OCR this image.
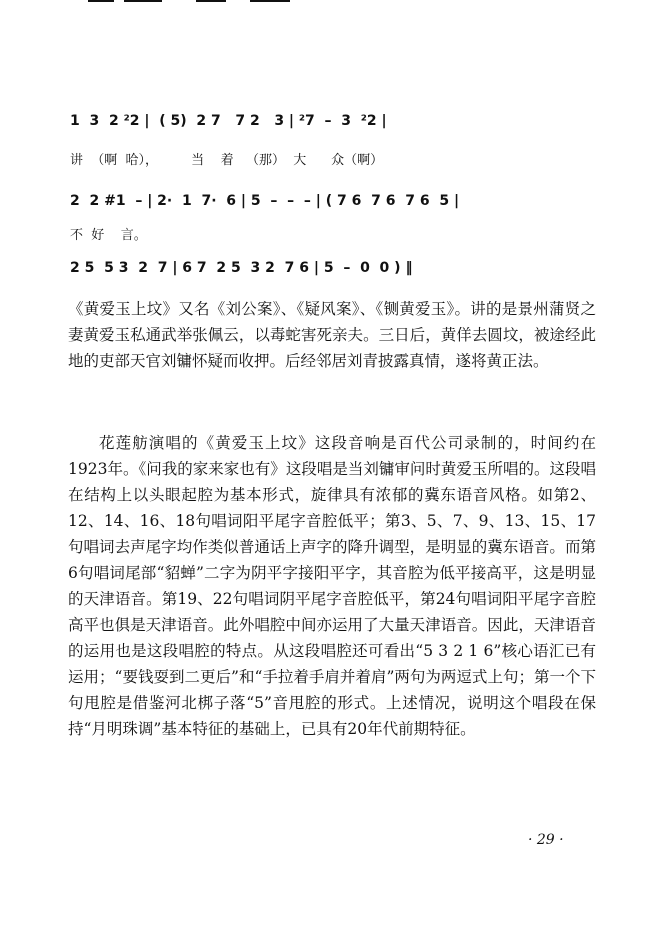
1  3  2 ²2 |  ( 5)  2 7   7 2   3 | ²7  –  3  ²2 |
讲  （啊  哈），        当    着   （那）  大      众（啊）
2  2 #1  – | 2·  1  7·  6 | 5  –  –  – | ( 7 6  7 6  7 6  5 |
不  好    言。
2 5  5 3  2  7 | 6 7  2 5  3 2  7 6 | 5  –  0  0 ) ‖

《黄爱玉上坟》又名《刘公案》、《疑风案》、《铡黄爱玉》。讲的是景州蒲贤之妻黄爱玉私通武举张佩云，以毒蛇害死亲夫。三日后，黄佯去圆坟，被途经此地的吏部天官刘镛怀疑而收押。后经邻居刘青披露真情，遂将黄正法。

花莲舫演唱的《黄爱玉上坟》这段音响是百代公司录制的，时间约在1923年。《问我的家来家也有》这段唱是当刘镛审问时黄爱玉所唱的。这段唱在结构上以头眼起腔为基本形式，旋律具有浓郁的冀东语音风格。如第2、12、14、16、18句唱词阳平尾字音腔低平；第3、5、7、9、13、15、17句唱词去声尾字均作类似普通话上声字的降升调型，是明显的冀东语音。而第6句唱词尾部“貂蝉”二字为阴平字接阳平字，其音腔为低平接高平，这是明显的天津语音。第19、22句唱词阴平尾字音腔低平，第24句唱词阳平尾字音腔高平也俱是天津语音。此外唱腔中间亦运用了大量天津语音。因此，天津语音的运用也是这段唱腔的特点。从这段唱腔还可看出“5 3 2 1 6”核心语汇已有运用；“要钱耍到二更后”和“手拉着手肩并着肩”两句为两逗式上句；第一个下句甩腔是借鉴河北梆子落“5”音甩腔的形式。上述情况，说明这个唱段在保持“月明珠调”基本特征的基础上，已具有20年代前期特征。

· 29 ·
